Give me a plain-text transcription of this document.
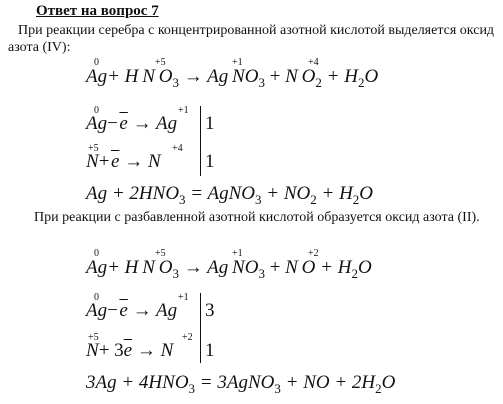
Ответ на вопрос 7
При реакции серебра с концентрированной азотной кислотой выделяется оксид азота (IV):
0	+5	+1	+4
Ag+ H  N  $O_3 \to Ag$  $NO_3 + N$  $O_2 + H_2O$
0	+1
Ag− $\overline{e} \to Ag$ 1
+5	+4
N+ $\overline{e} \to N$ 1
$Ag + 2HNO_3$ = AgNO$_3$ + $NO_2 + H_2O$
При реакции с разбавленной азотной кислотой образуется оксид азота (II).
0	+5	+1	+2
Ag+ H  N  $O_3 \to Ag$  $NO_3 + N$  $O + H_2O$
0	+1
Ag− $\overline{e} \to Ag$ 3
+5	+2
$N+ 3\overline{e} \to N$ 1
$3Ag + 4HNO_3$ = 3AgNO$_3$ + NO + $2H_2O$
